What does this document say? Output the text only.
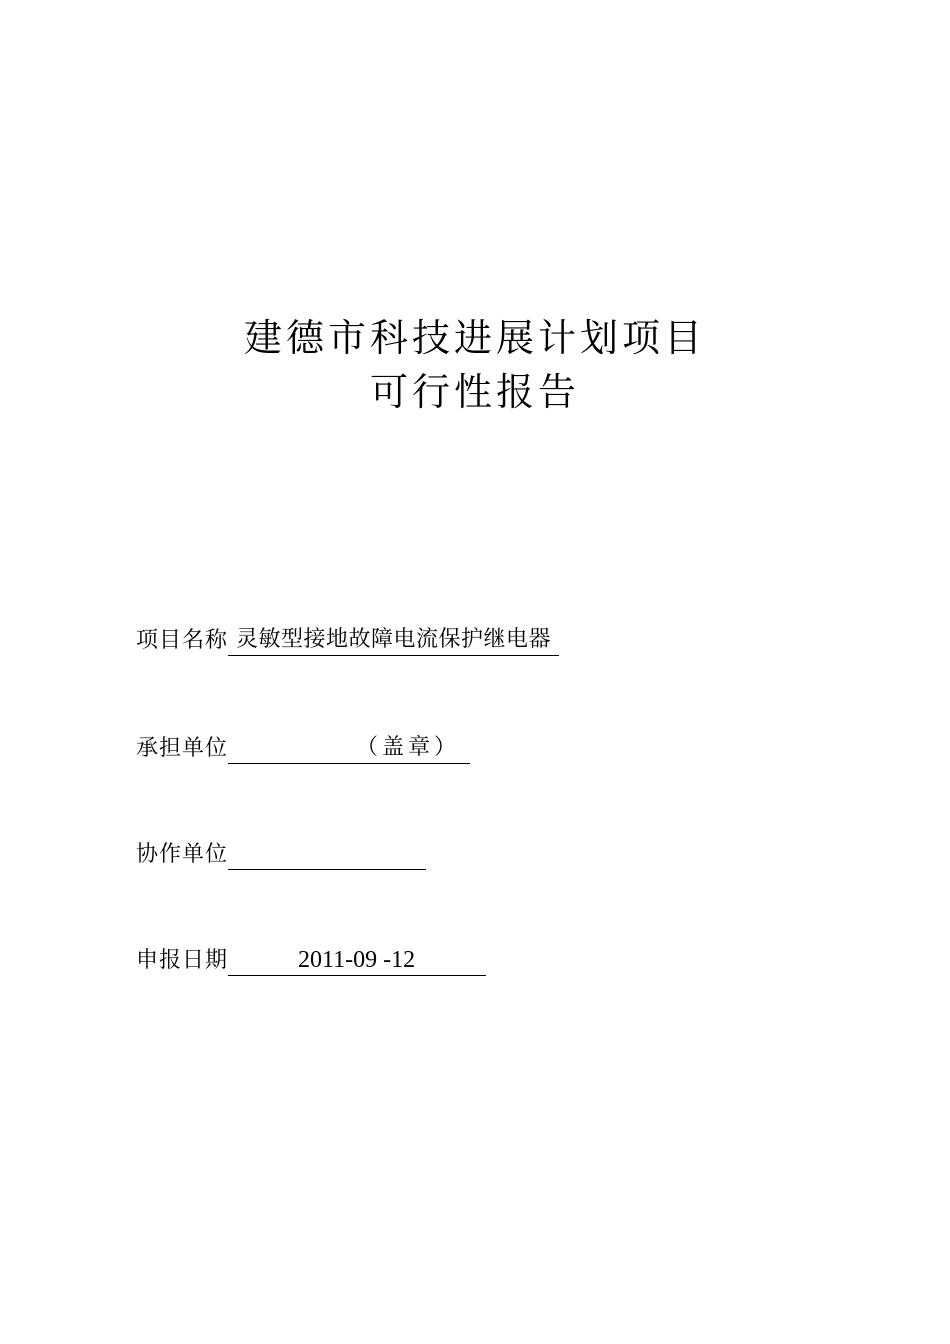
建德市科技进展计划项目
可行性报告
项目名称 灵敏型接地故障电流保护继电器
承担单位	（盖章）
协作单位
申报日期	2011-09 -12
